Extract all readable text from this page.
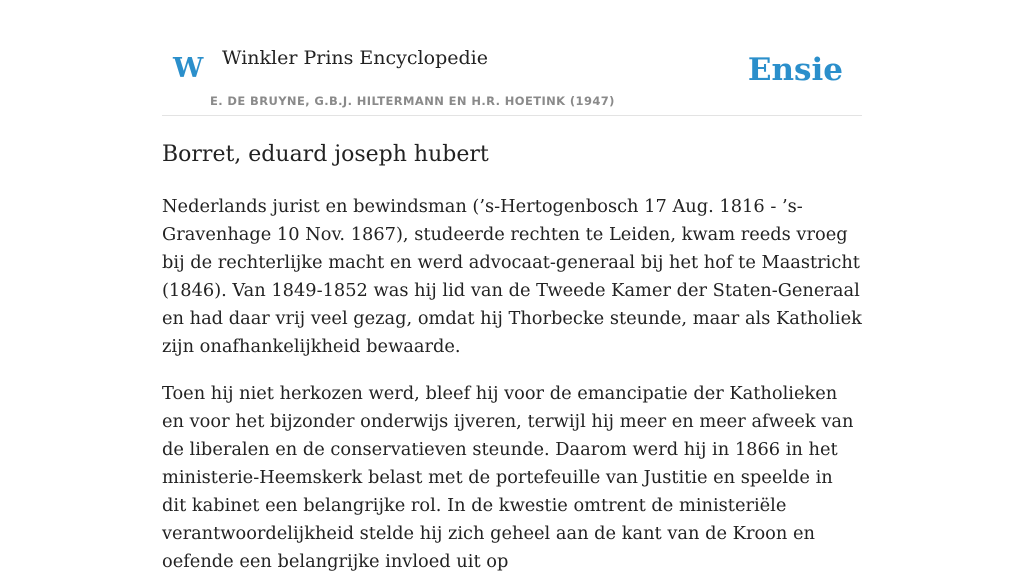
W Winkler Prins Encyclopedie
E. DE BRUYNE, G.B.J. HILTERMANN EN H.R. HOETINK (1947)
Ensie
Borret, eduard joseph hubert

Nederlands jurist en bewindsman (’s-Hertogenbosch 17 Aug. 1816 - ’s-Gravenhage 10 Nov. 1867), studeerde rechten te Leiden, kwam reeds vroeg bij de rechterlijke macht en werd advocaat-generaal bij het hof te Maastricht (1846). Van 1849-1852 was hij lid van de Tweede Kamer der Staten-Generaal en had daar vrij veel gezag, omdat hij Thorbecke steunde, maar als Katholiek zijn onafhankelijkheid bewaarde.

Toen hij niet herkozen werd, bleef hij voor de emancipatie der Katholieken en voor het bijzonder onderwijs ijveren, terwijl hij meer en meer afweek van de liberalen en de conservatieven steunde. Daarom werd hij in 1866 in het ministerie-Heemskerk belast met de portefeuille van Justitie en speelde in dit kabinet een belangrijke rol. In de kwestie omtrent de ministeriële verantwoordelijkheid stelde hij zich geheel aan de kant van de Kroon en oefende een belangrijke invloed uit op
